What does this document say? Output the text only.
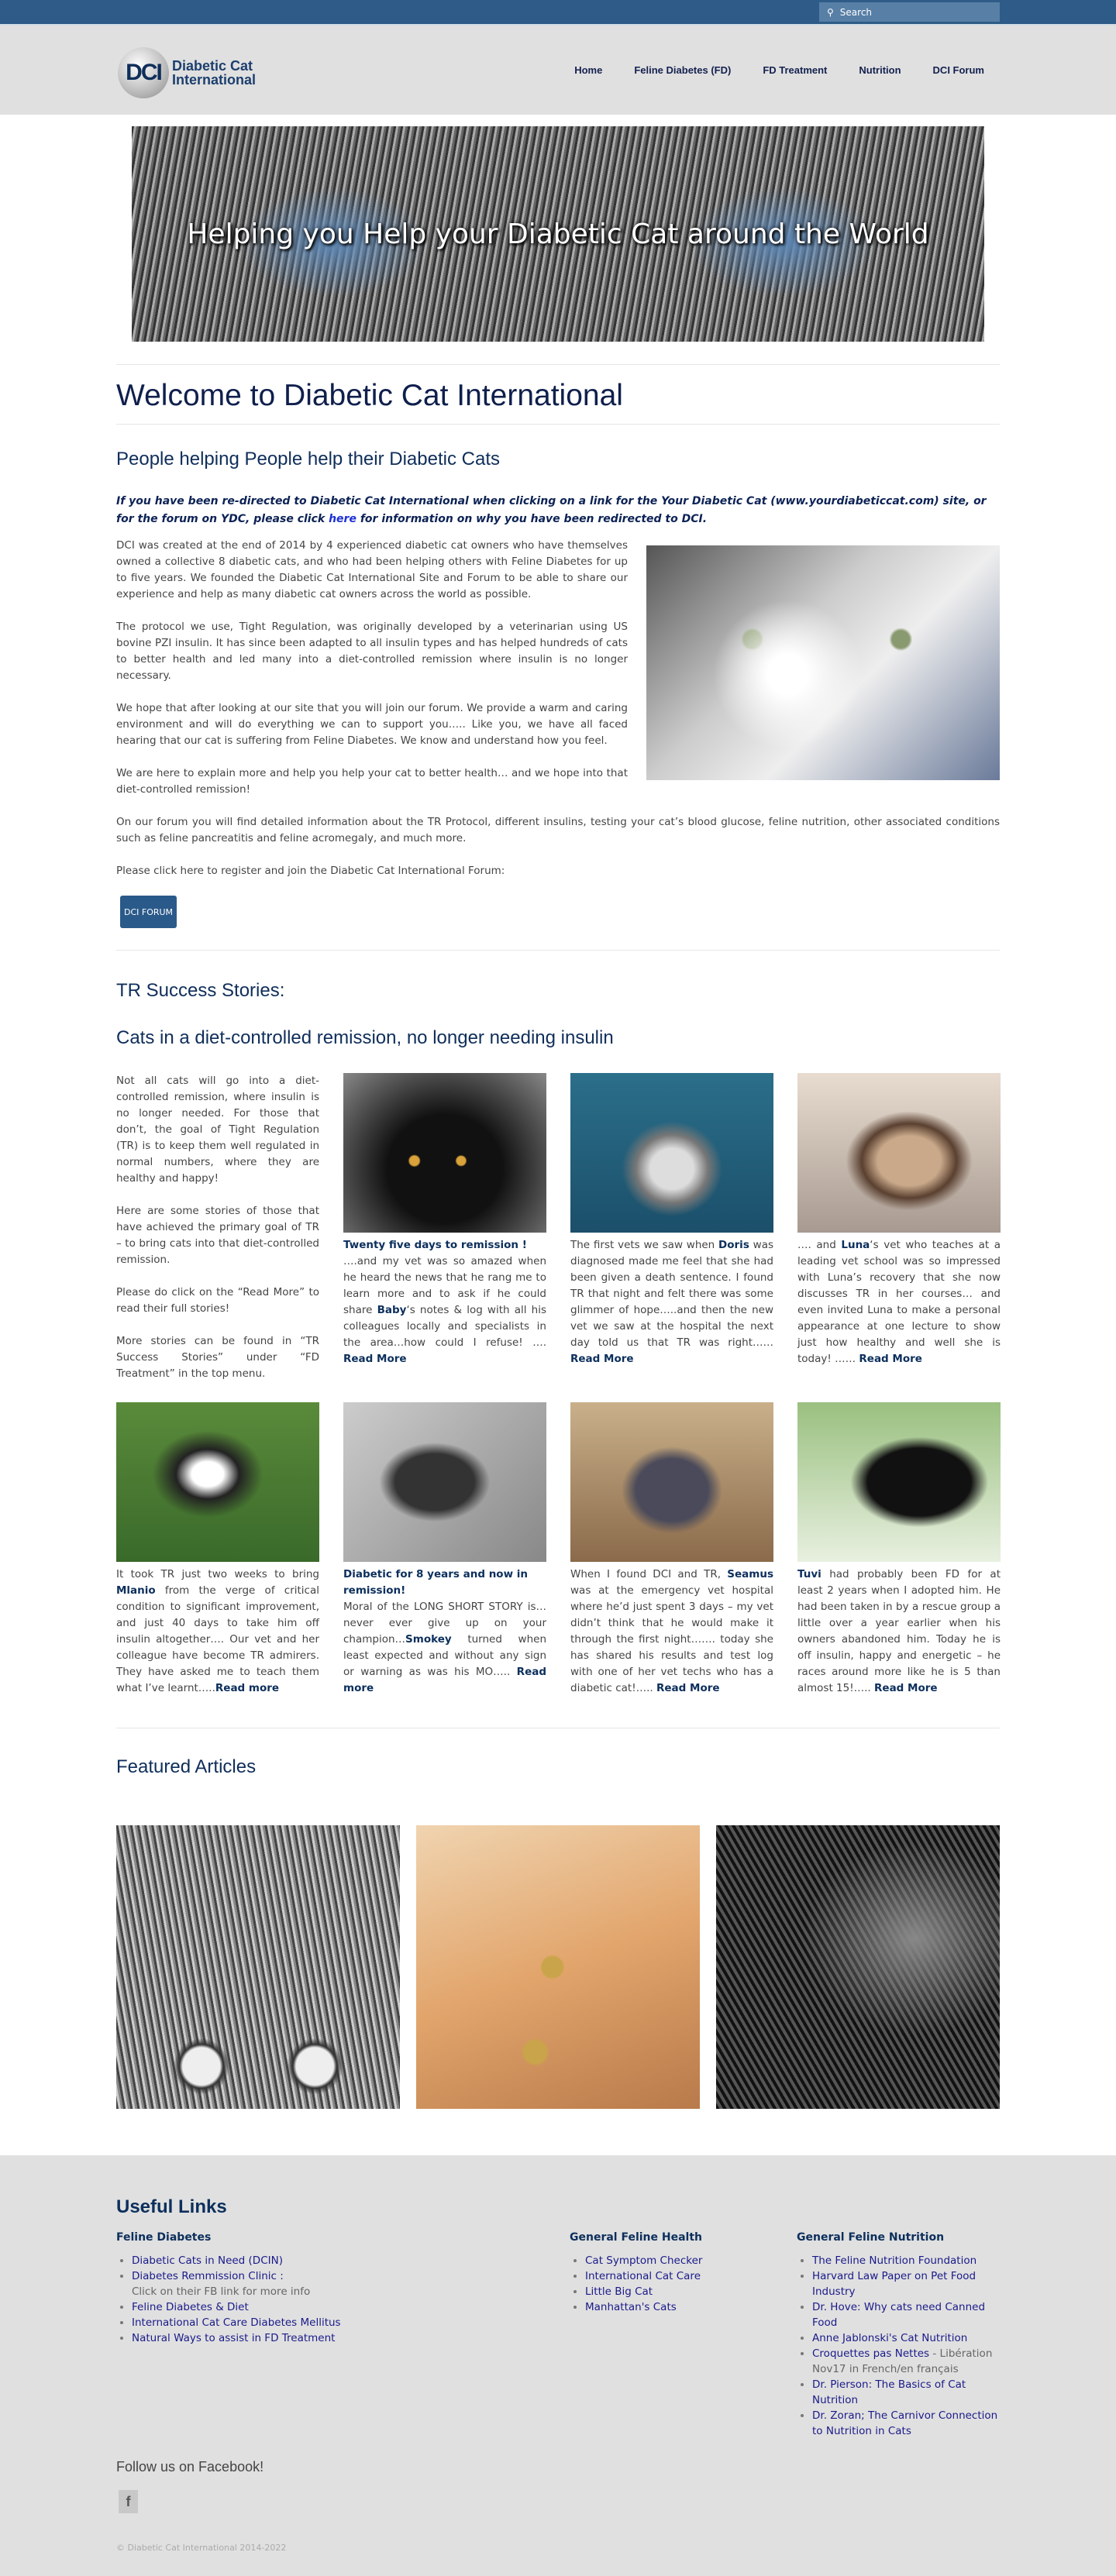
⚲ Search
DCI Diabetic Cat
International
Home	Feline Diabetes (FD)	FD Treatment	Nutrition	DCI Forum
Helping you Help your Diabetic Cat around the World
Welcome to Diabetic Cat International
People helping People help their Diabetic Cats
If you have been re-directed to Diabetic Cat International when clicking on a link for the Your Diabetic Cat (www.yourdiabeticcat.com) site, or for the forum on YDC, please click here for information on why you have been redirected to DCI.

DCI was created at the end of 2014 by 4 experienced diabetic cat owners who have themselves owned a collective 8 diabetic cats, and who had been helping others with Feline Diabetes for up to five years. We founded the Diabetic Cat International Site and Forum to be able to share our experience and help as many diabetic cat owners across the world as possible.

The protocol we use, Tight Regulation, was originally developed by a veterinarian using US bovine PZI insulin. It has since been adapted to all insulin types and has helped hundreds of cats to better health and led many into a diet-controlled remission where insulin is no longer necessary.

We hope that after looking at our site that you will join our forum. We provide a warm and caring environment and will do everything we can to support you….. Like you, we have all faced hearing that our cat is suffering from Feline Diabetes. We know and understand how you feel.

We are here to explain more and help you help your cat to better health… and we hope into that diet-controlled remission!

On our forum you will find detailed information about the TR Protocol, different insulins, testing your cat’s blood glucose, feline nutrition, other associated conditions such as feline pancreatitis and feline acromegaly, and much more.

Please click here to register and join the Diabetic Cat International Forum:

DCI FORUM
TR Success Stories:
Cats in a diet-controlled remission, no longer needing insulin

Not all cats will go into a diet-controlled remission, where insulin is no longer needed. For those that don’t, the goal of Tight Regulation (TR) is to keep them well regulated in normal numbers, where they are healthy and happy!

Here are some stories of those that have achieved the primary goal of TR – to bring cats into that diet-controlled remission.

Please do click on the “Read More” to read their full stories!

More stories can be found in “TR Success Stories” under “FD Treatment” in the top menu.

Twenty five days to remission !
….and my vet was so amazed when he heard the news that he rang me to learn more and to ask if he could share Baby‘s notes & log with all his colleagues locally and specialists in the area…how could I refuse! …. Read More
The first vets we saw when Doris was diagnosed made me feel that she had been given a death sentence. I found TR that night and felt there was some glimmer of hope…..and then the new vet we saw at the hospital the next day told us that TR was right…… Read More
…. and Luna‘s vet who teaches at a leading vet school was so impressed with Luna’s recovery that she now discusses TR in her courses… and even invited Luna to make a personal appearance at one lecture to show just how healthy and well she is today! …… Read More
It took TR just two weeks to bring Mlanio from the verge of critical condition to significant improvement, and just 40 days to take him off insulin altogether…. Our vet and her colleague have become TR admirers. They have asked me to teach them what I’ve learnt…..Read more
Diabetic for 8 years and now in remission!
Moral of the LONG SHORT STORY is…never ever give up on your champion…Smokey turned when least expected and without any sign or warning as was his MO….. Read more
When I found DCI and TR, Seamus was at the emergency vet hospital where he’d just spent 3 days – my vet didn’t think that he would make it through the first night……. today she has shared his results and test log with one of her vet techs who has a diabetic cat!….. Read More
Tuvi had probably been FD for at least 2 years when I adopted him. He had been taken in by a rescue group a little over a year earlier when his owners abandoned him. Today he is off insulin, happy and energetic – he races around more like he is 5 than almost 15!….. Read More
Featured Articles
Useful Links
Feline Diabetes
• Diabetic Cats in Need (DCIN)
• Diabetes Remmission Clinic :
Click on their FB link for more info
• Feline Diabetes & Diet
• International Cat Care Diabetes Mellitus
• Natural Ways to assist in FD Treatment
General Feline Health
• Cat Symptom Checker
• International Cat Care
• Little Big Cat
• Manhattan's Cats
General Feline Nutrition
• The Feline Nutrition Foundation
• Harvard Law Paper on Pet Food Industry
• Dr. Hove: Why cats need Canned Food
• Anne Jablonski's Cat Nutrition
• Croquettes pas Nettes - Libération Nov17 in French/en français
• Dr. Pierson: The Basics of Cat Nutrition
• Dr. Zoran; The Carnivor Connection to Nutrition in Cats
Follow us on Facebook!
f
© Diabetic Cat International 2014-2022
